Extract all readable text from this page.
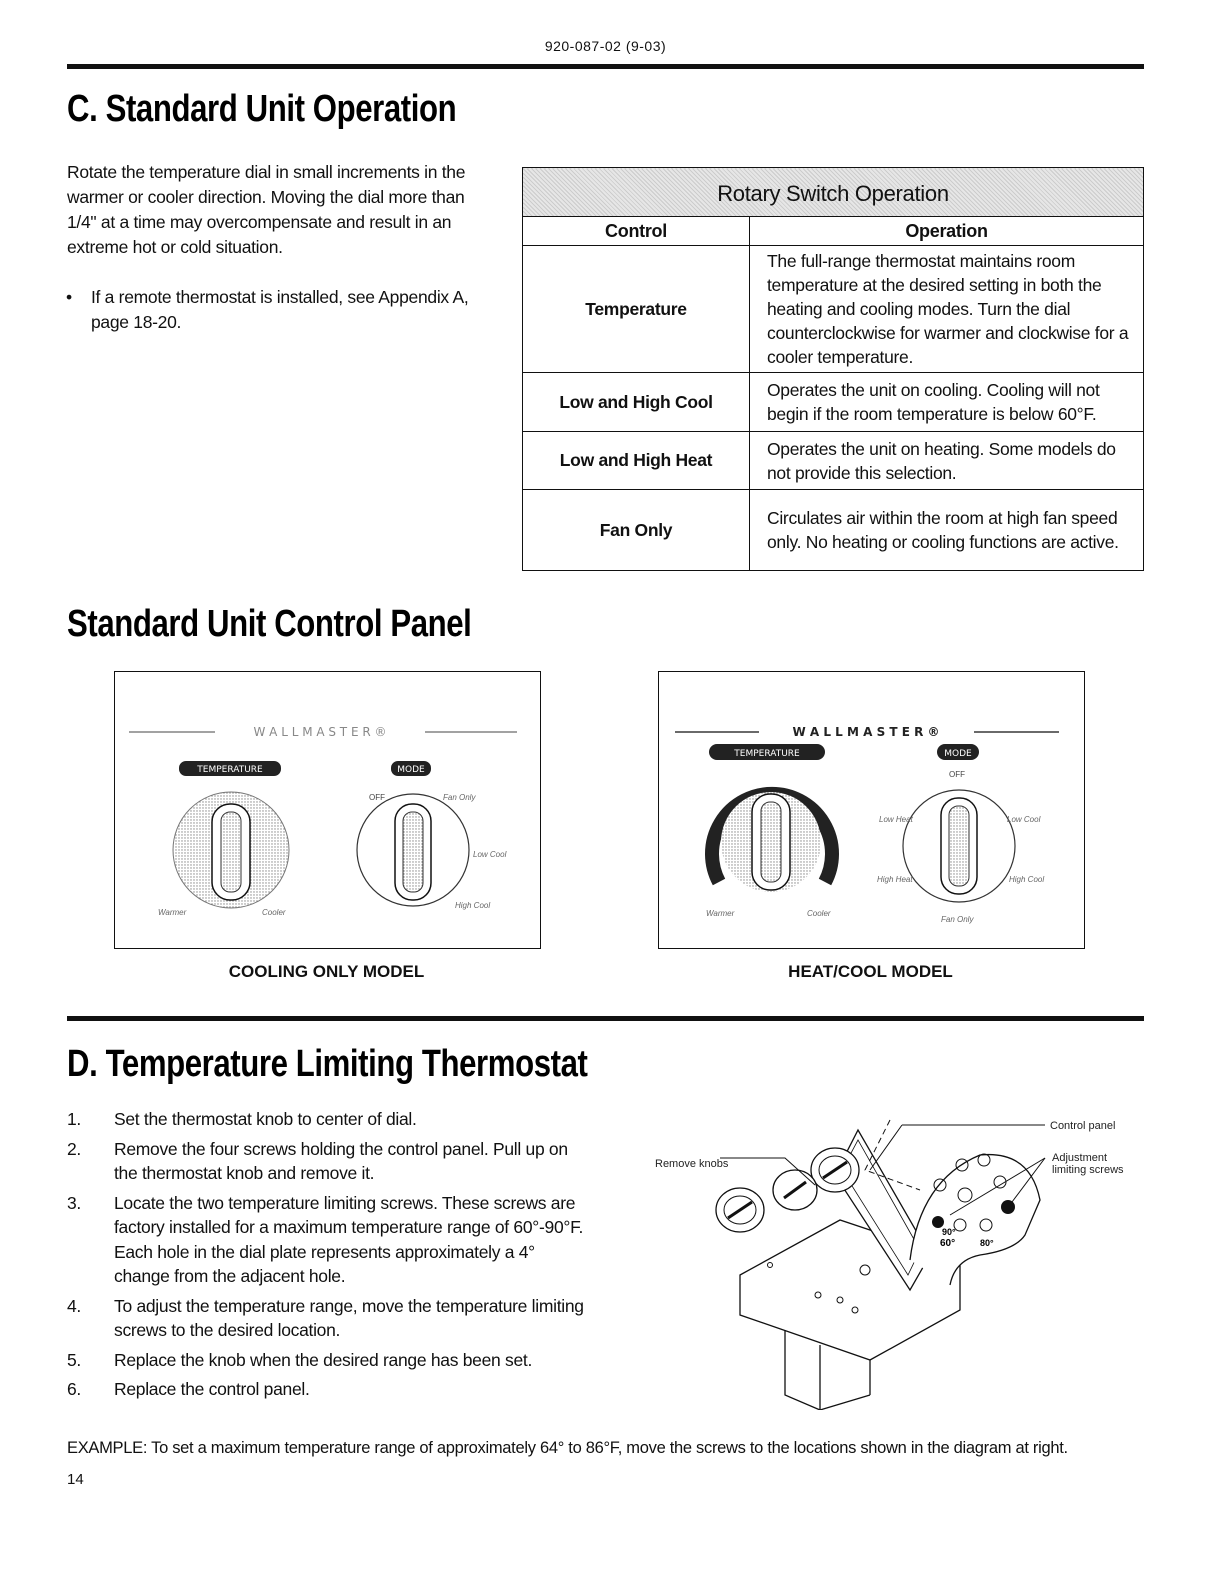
920-087-02 (9-03)
C. Standard Unit Operation
Rotate the temperature dial in small increments in the warmer or cooler direction. Moving the dial more than 1/4" at a time may overcompensate and result in an extreme hot or cold situation.
•	If a remote thermostat is installed, see Appendix A, page 18-20.
Rotary Switch Operation	
Control	Operation
Temperature	The full-range thermostat maintains room temperature at the desired setting in both the heating and cooling modes. Turn the dial counterclockwise for warmer and clockwise for a cooler temperature.
Low and High Cool	Operates the unit on cooling. Cooling will not begin if the room temperature is below 60°F.
Low and High Heat	Operates the unit on heating. Some models do not provide this selection.
Fan Only	Circulates air within the room at high fan speed only. No heating or cooling functions are active.
Standard Unit Control Panel
W A L L M A S T E R ®
TEMPERATURE	MODE
Warmer	Cooler
OFF	Fan Only
Low Cool
High Cool
COOLING ONLY MODEL
W A L L M A S T E R ®
TEMPERATURE	MODE
Warmer	Cooler
OFF
Low Heat	Low Cool
High Heat	High Cool
Fan Only
HEAT/COOL MODEL
D. Temperature Limiting Thermostat
1. Set the thermostat knob to center of dial.
2. Remove the four screws holding the control panel. Pull up on the thermostat knob and remove it.
3. Locate the two temperature limiting screws. These screws are factory installed for a maximum temperature range of 60°-90°F. Each hole in the dial plate represents approximately a 4° change from the adjacent hole.
4. To adjust the temperature range, move the temperature limiting screws to the desired location.
5. Replace the knob when the desired range has been set.
6. Replace the control panel.
60°
90°
80°
Remove knobs
Control panel
Adjustment limiting screws
EXAMPLE: To set a maximum temperature range of approximately 64° to 86°F, move the screws to the locations shown in the diagram at right.
14
